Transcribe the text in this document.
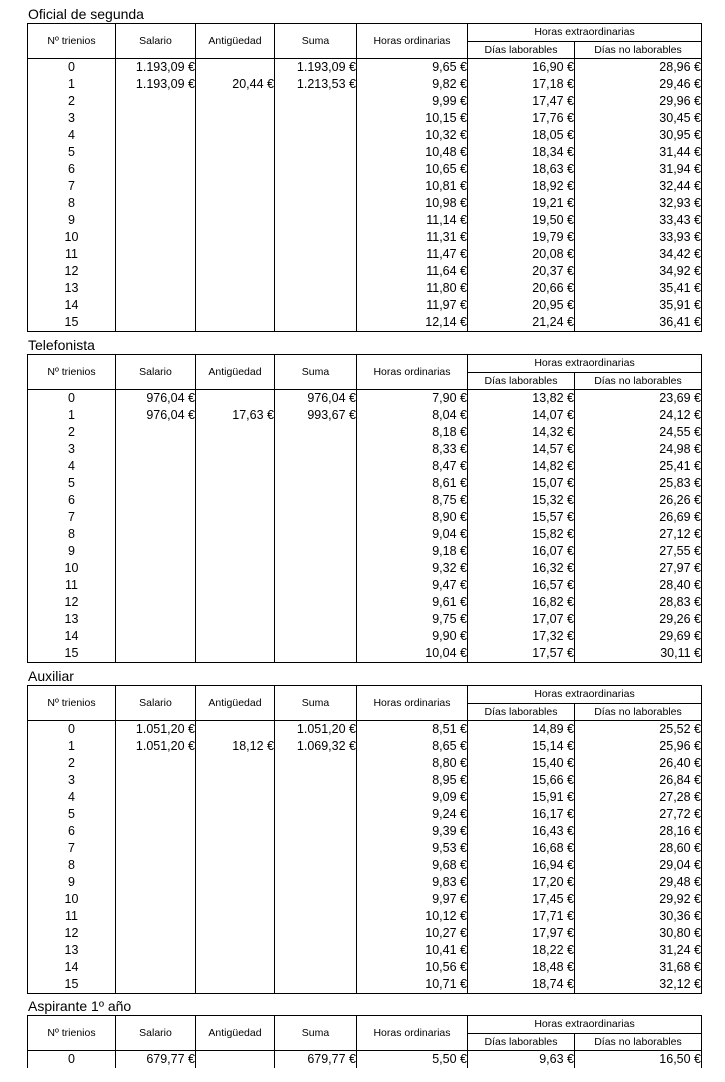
Oficial de segunda
Nº trienios	Salario	Antigüedad	Suma	Horas ordinarias	Horas extraordinarias	
					Días laborables	Días no laborables
0	1.193,09 €		1.193,09 €	9,65 €	16,90 €	28,96 €
1	1.193,09 €	20,44 €	1.213,53 €	9,82 €	17,18 €	29,46 €
2				9,99 €	17,47 €	29,96 €
3				10,15 €	17,76 €	30,45 €
4				10,32 €	18,05 €	30,95 €
5				10,48 €	18,34 €	31,44 €
6				10,65 €	18,63 €	31,94 €
7				10,81 €	18,92 €	32,44 €
8				10,98 €	19,21 €	32,93 €
9				11,14 €	19,50 €	33,43 €
10				11,31 €	19,79 €	33,93 €
11				11,47 €	20,08 €	34,42 €
12				11,64 €	20,37 €	34,92 €
13				11,80 €	20,66 €	35,41 €
14				11,97 €	20,95 €	35,91 €
15				12,14 €	21,24 €	36,41 €
Telefonista
Nº trienios	Salario	Antigüedad	Suma	Horas ordinarias	Horas extraordinarias	
					Días laborables	Días no laborables
0	976,04 €		976,04 €	7,90 €	13,82 €	23,69 €
1	976,04 €	17,63 €	993,67 €	8,04 €	14,07 €	24,12 €
2				8,18 €	14,32 €	24,55 €
3				8,33 €	14,57 €	24,98 €
4				8,47 €	14,82 €	25,41 €
5				8,61 €	15,07 €	25,83 €
6				8,75 €	15,32 €	26,26 €
7				8,90 €	15,57 €	26,69 €
8				9,04 €	15,82 €	27,12 €
9				9,18 €	16,07 €	27,55 €
10				9,32 €	16,32 €	27,97 €
11				9,47 €	16,57 €	28,40 €
12				9,61 €	16,82 €	28,83 €
13				9,75 €	17,07 €	29,26 €
14				9,90 €	17,32 €	29,69 €
15				10,04 €	17,57 €	30,11 €
Auxiliar
Nº trienios	Salario	Antigüedad	Suma	Horas ordinarias	Horas extraordinarias	
					Días laborables	Días no laborables
0	1.051,20 €		1.051,20 €	8,51 €	14,89 €	25,52 €
1	1.051,20 €	18,12 €	1.069,32 €	8,65 €	15,14 €	25,96 €
2				8,80 €	15,40 €	26,40 €
3				8,95 €	15,66 €	26,84 €
4				9,09 €	15,91 €	27,28 €
5				9,24 €	16,17 €	27,72 €
6				9,39 €	16,43 €	28,16 €
7				9,53 €	16,68 €	28,60 €
8				9,68 €	16,94 €	29,04 €
9				9,83 €	17,20 €	29,48 €
10				9,97 €	17,45 €	29,92 €
11				10,12 €	17,71 €	30,36 €
12				10,27 €	17,97 €	30,80 €
13				10,41 €	18,22 €	31,24 €
14				10,56 €	18,48 €	31,68 €
15				10,71 €	18,74 €	32,12 €
Aspirante 1º año
Nº trienios	Salario	Antigüedad	Suma	Horas ordinarias	Horas extraordinarias	
					Días laborables	Días no laborables
0	679,77 €		679,77 €	5,50 €	9,63 €	16,50 €
